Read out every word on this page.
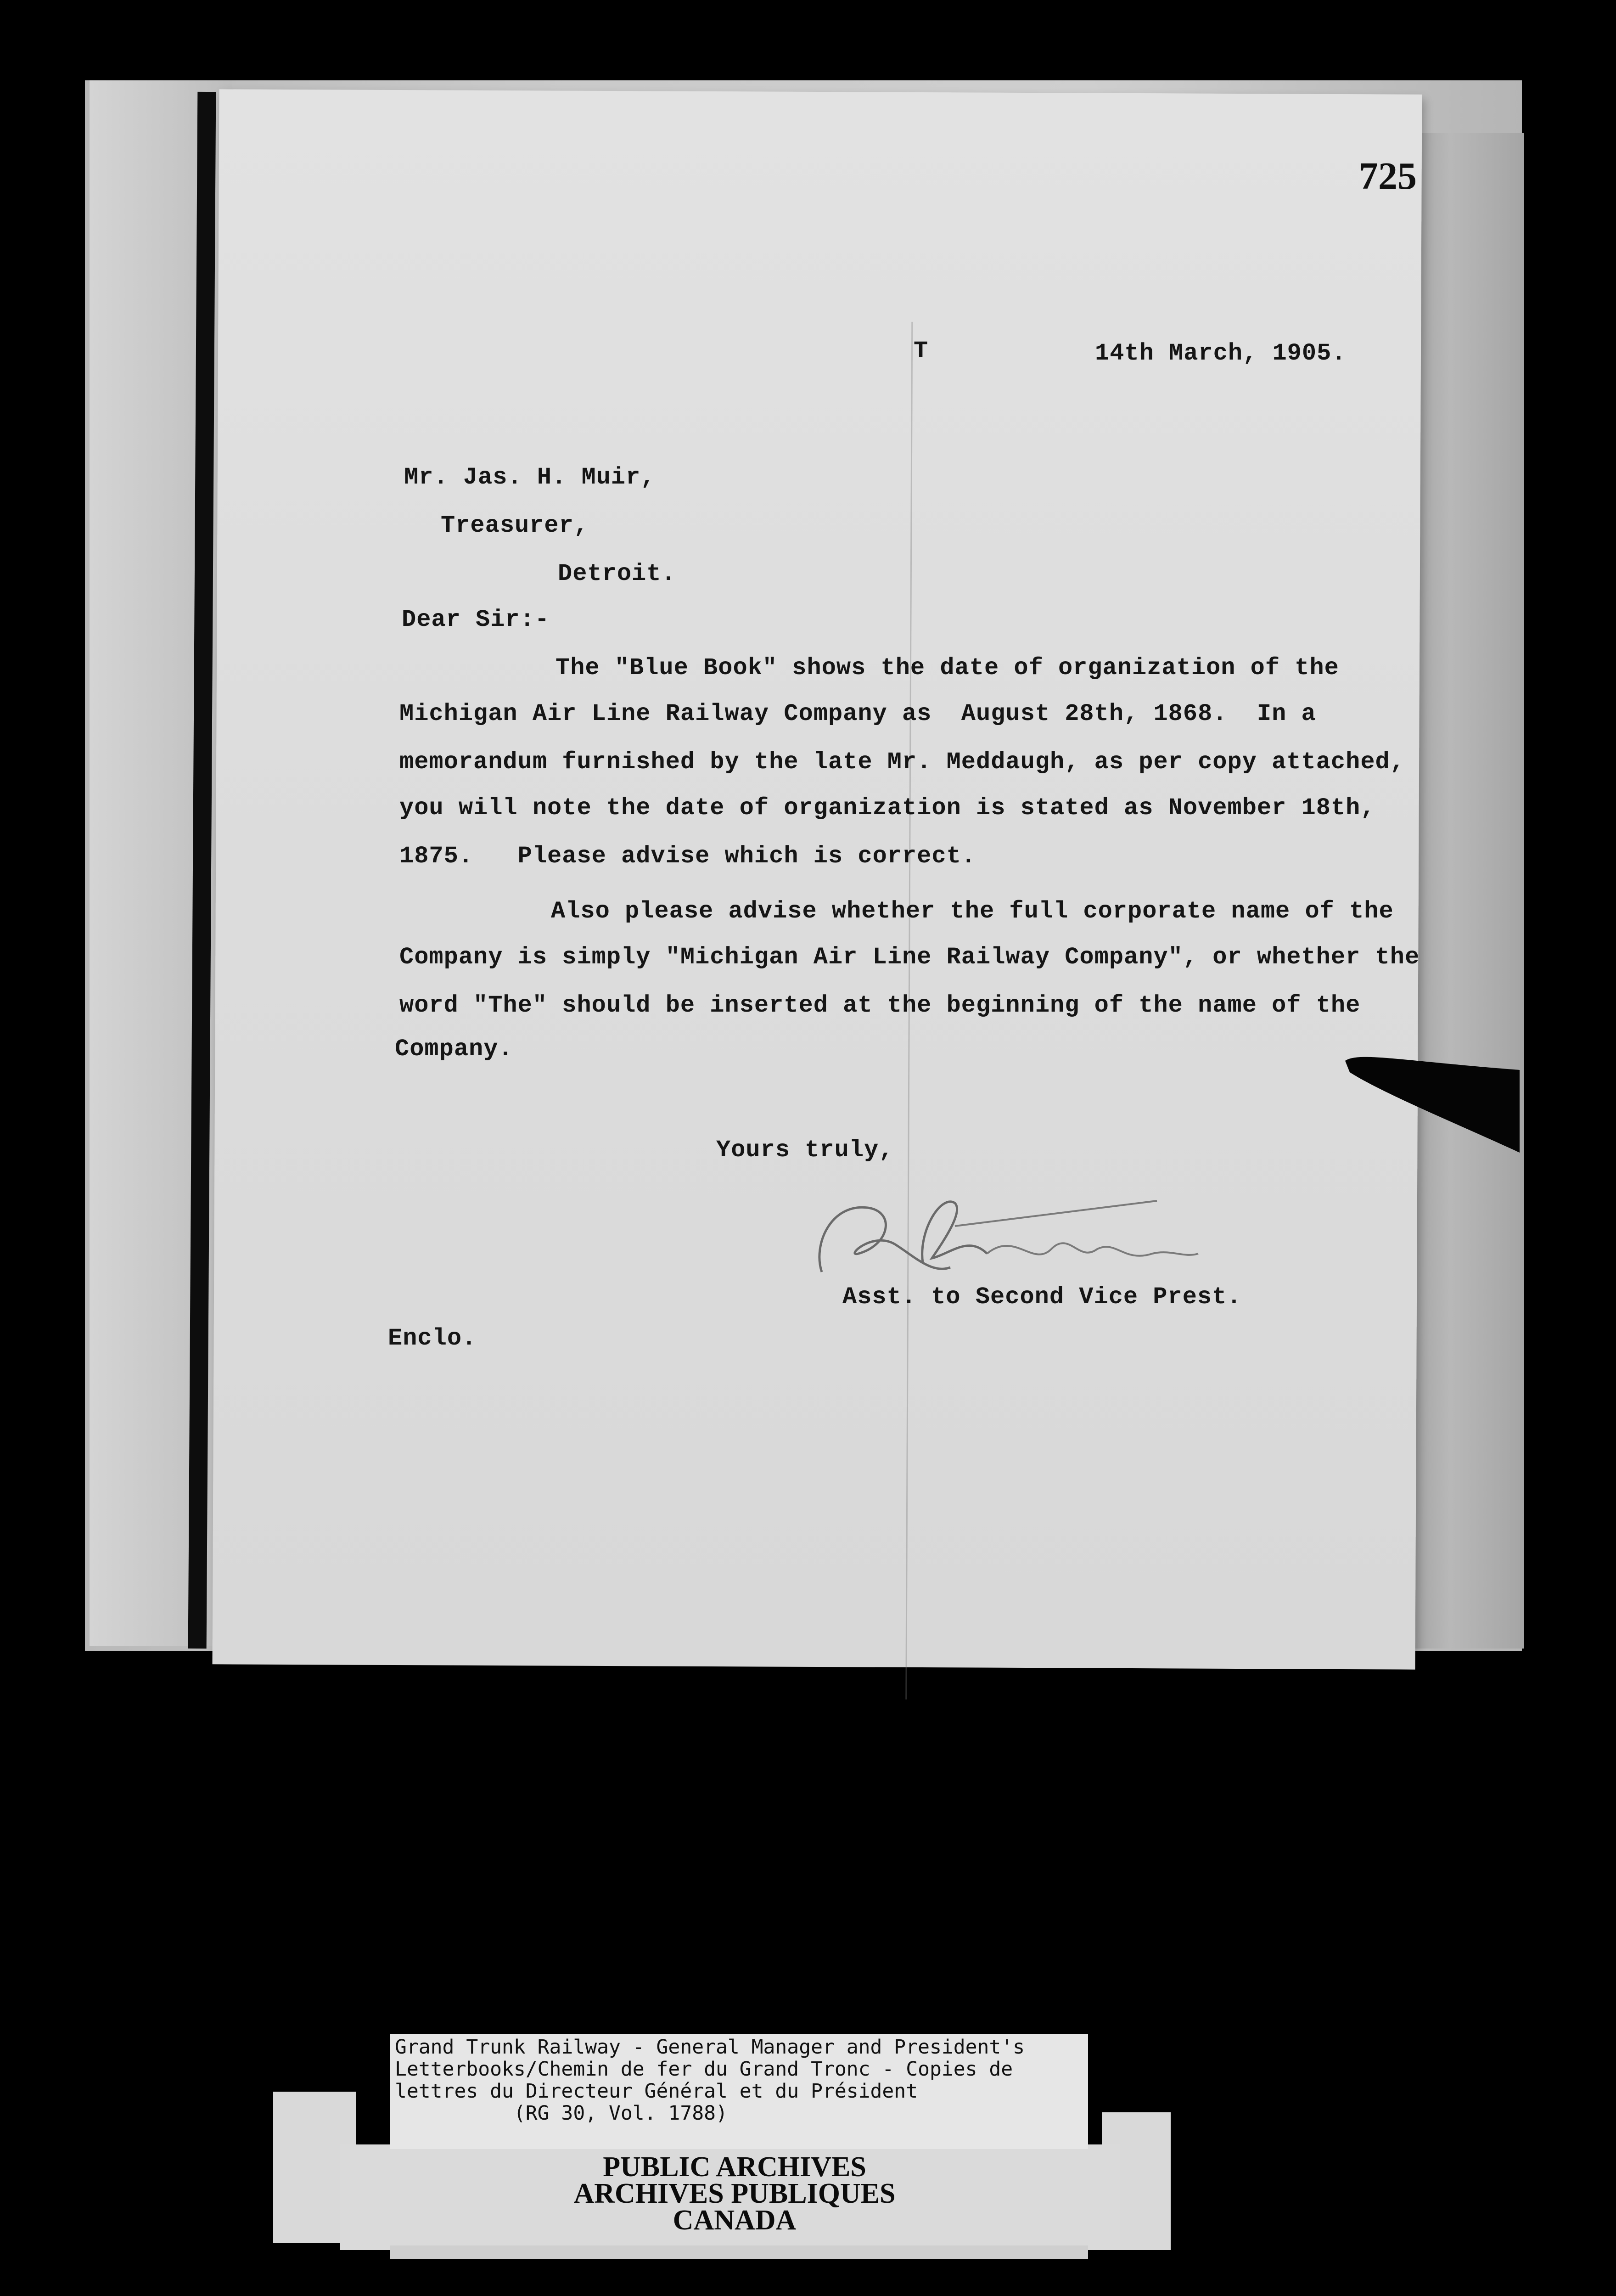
725
T	14th March, 1905.
Mr. Jas. H. Muir,
Treasurer,
Detroit.
Dear Sir:-
The "Blue Book" shows the date of organization of the
Michigan Air Line Railway Company as  August 28th, 1868.  In a
memorandum furnished by the late Mr. Meddaugh, as per copy attached,
you will note the date of organization is stated as November 18th,
1875.   Please advise which is correct.
Also please advise whether the full corporate name of the
Company is simply "Michigan Air Line Railway Company", or whether the
word "The" should be inserted at the beginning of the name of the
Company.
Yours truly,
Asst. to Second Vice Prest.
Enclo.
Grand Trunk Railway - General Manager and President's
Letterbooks/Chemin de fer du Grand Tronc - Copies de
lettres du Directeur Général et du Président
(RG 30, Vol. 1788)
PUBLIC ARCHIVES
ARCHIVES PUBLIQUES
CANADA
